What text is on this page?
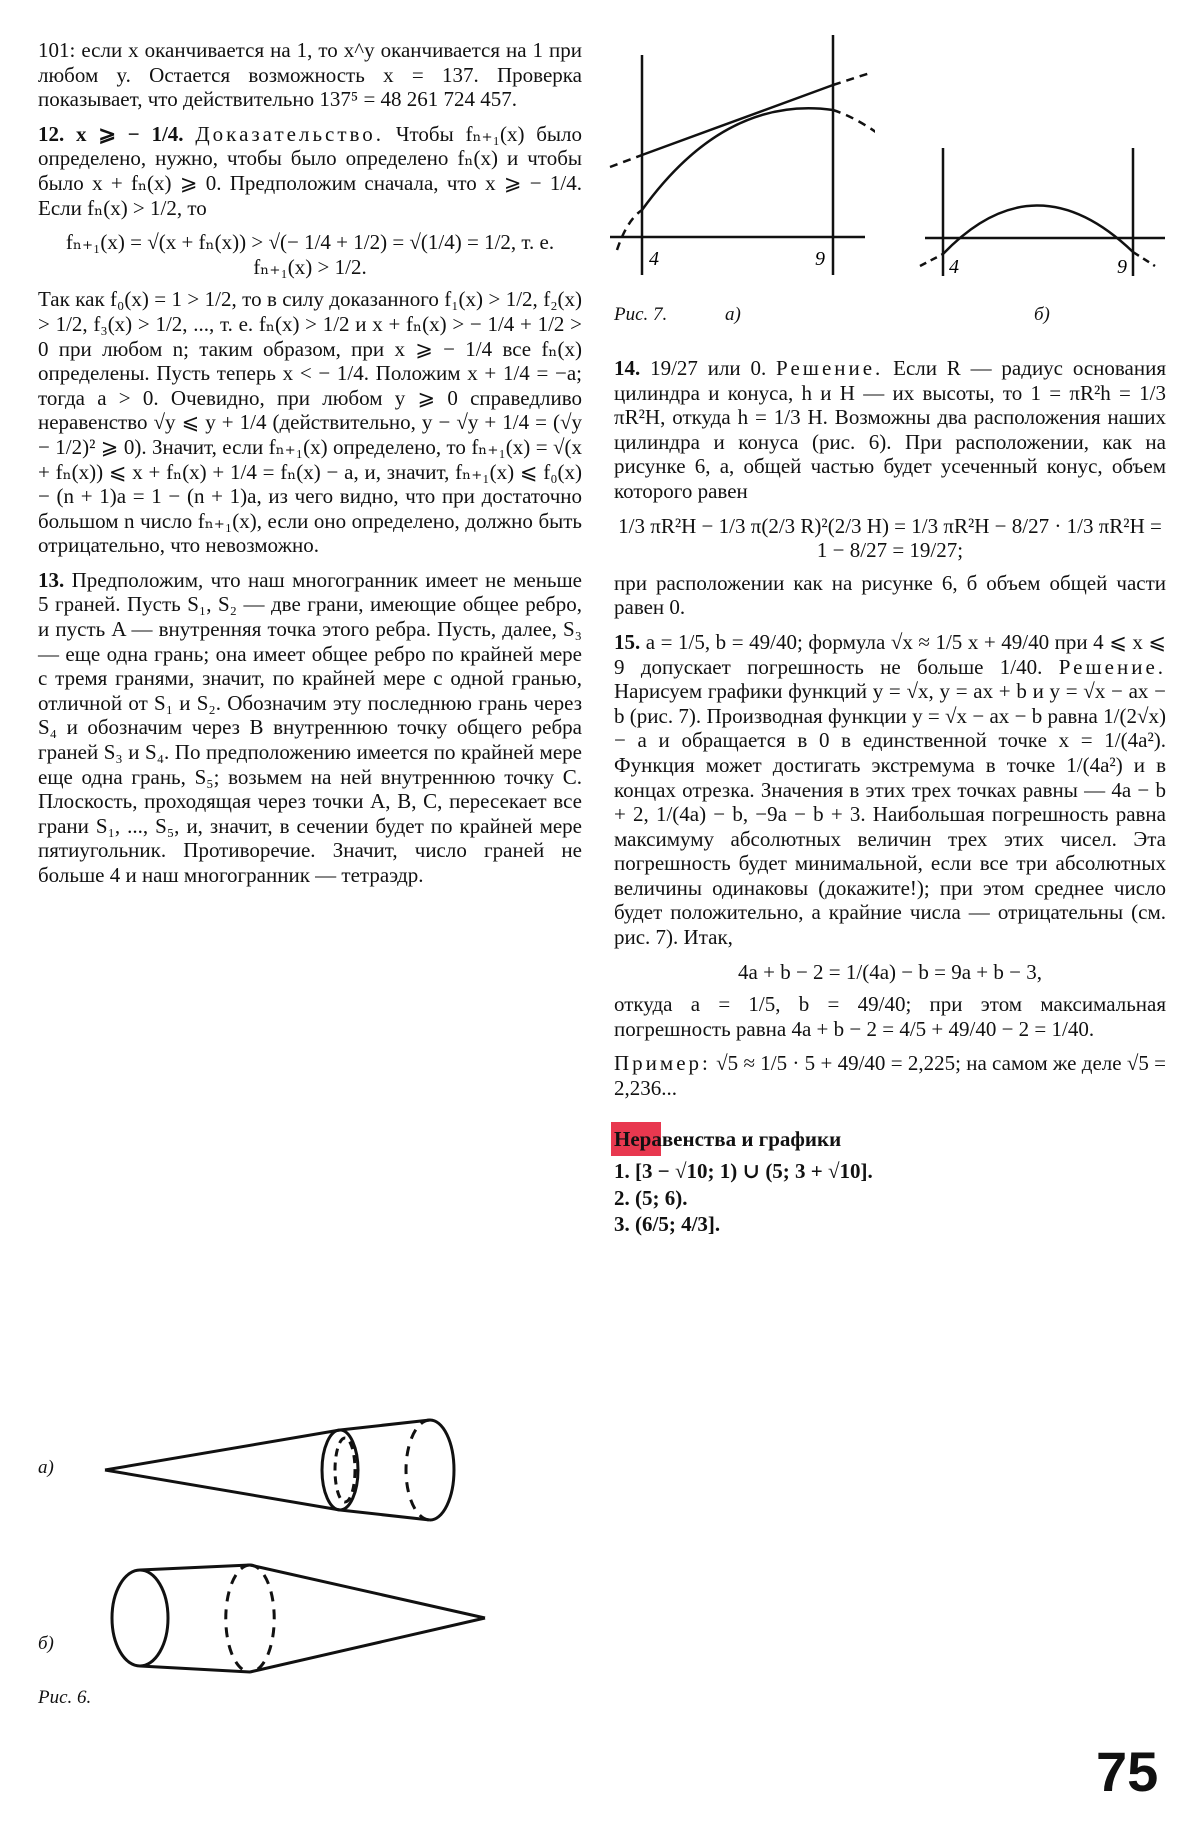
101: если x оканчивается на 1, то x^y оканчивается на 1 при любом y. Остается возможность x = 137. Проверка показывает, что действительно 137⁵ = 48 261 724 457.

12. x ⩾ − 1/4. Доказательство. Чтобы fₙ₊₁(x) было определено, нужно, чтобы было определено fₙ(x) и чтобы было x + fₙ(x) ⩾ 0. Предположим сначала, что x ⩾ − 1/4. Если fₙ(x) > 1/2, то

fₙ₊₁(x) = √(x + fₙ(x)) > √(− 1/4 + 1/2) = √(1/4) = 1/2, т. е. fₙ₊₁(x) > 1/2.

Так как f₀(x) = 1 > 1/2, то в силу доказанного f₁(x) > 1/2, f₂(x) > 1/2, f₃(x) > 1/2, ..., т. е. fₙ(x) > 1/2 и x + fₙ(x) > − 1/4 + 1/2 > 0 при любом n; таким образом, при x ⩾ − 1/4 все fₙ(x) определены. Пусть теперь x < − 1/4. Положим x + 1/4 = −a; тогда a > 0. Очевидно, при любом y ⩾ 0 справедливо неравенство √y ⩽ y + 1/4 (действительно, y − √y + 1/4 = (√y − 1/2)² ⩾ 0). Значит, если fₙ₊₁(x) определено, то fₙ₊₁(x) = √(x + fₙ(x)) ⩽ x + fₙ(x) + 1/4 = fₙ(x) − a, и, значит, fₙ₊₁(x) ⩽ f₀(x) − (n + 1)a = 1 − (n + 1)a, из чего видно, что при достаточно большом n число fₙ₊₁(x), если оно определено, должно быть отрицательно, что невозможно.

13. Предположим, что наш многогранник имеет не меньше 5 граней. Пусть S₁, S₂ — две грани, имеющие общее ребро, и пусть A — внутренняя точка этого ребра. Пусть, далее, S₃ — еще одна грань; она имеет общее ребро по крайней мере с тремя гранями, значит, по крайней мере с одной гранью, отличной от S₁ и S₂. Обозначим эту последнюю грань через S₄ и обозначим через B внутреннюю точку общего ребра граней S₃ и S₄. По предположению имеется по крайней мере еще одна грань, S₅; возьмем на ней внутреннюю точку C. Плоскость, проходящая через точки A, B, C, пересекает все грани S₁, ..., S₅, и, значит, в сечении будет по крайней мере пятиугольник. Противоречие. Значит, число граней не больше 4 и наш многогранник — тетраэдр.

а)
б)
Рис. 6.
4	9	4	9
Рис. 7.	а)	б)

14. 19/27 или 0. Решение. Если R — радиус основания цилиндра и конуса, h и H — их высоты, то 1 = πR²h = 1/3 πR²H, откуда h = 1/3 H. Возможны два расположения наших цилиндра и конуса (рис. 6). При расположении, как на рисунке 6, а, общей частью будет усеченный конус, объем которого равен

1/3 πR²H − 1/3 π(2/3 R)²(2/3 H) = 1/3 πR²H − 8/27 · 1/3 πR²H = 1 − 8/27 = 19/27;

при расположении как на рисунке 6, б объем общей части равен 0.

15. a = 1/5, b = 49/40; формула √x ≈ 1/5 x + 49/40 при 4 ⩽ x ⩽ 9 допускает погрешность не больше 1/40. Решение. Нарисуем графики функций y = √x, y = ax + b и y = √x − ax − b (рис. 7). Производная функции y = √x − ax − b равна 1/(2√x) − a и обращается в 0 в единственной точке x = 1/(4a²). Функция может достигать экстремума в точке 1/(4a²) и в концах отрезка. Значения в этих трех точках равны — 4a − b + 2, 1/(4a) − b, −9a − b + 3. Наибольшая погрешность равна максимуму абсолютных величин трех этих чисел. Эта погрешность будет минимальной, если все три абсолютных величины одинаковы (докажите!); при этом среднее число будет положительно, а крайние числа — отрицательны (см. рис. 7). Итак,

4a + b − 2 = 1/(4a) − b = 9a + b − 3,

откуда a = 1/5, b = 49/40; при этом максимальная погрешность равна 4a + b − 2 = 4/5 + 49/40 − 2 = 1/40.

Пример: √5 ≈ 1/5 · 5 + 49/40 = 2,225; на самом же деле √5 = 2,236...

Неравенства и графики
1. [3 − √10; 1) ∪ (5; 3 + √10].
2. (5; 6).
3. (6/5; 4/3].
75
